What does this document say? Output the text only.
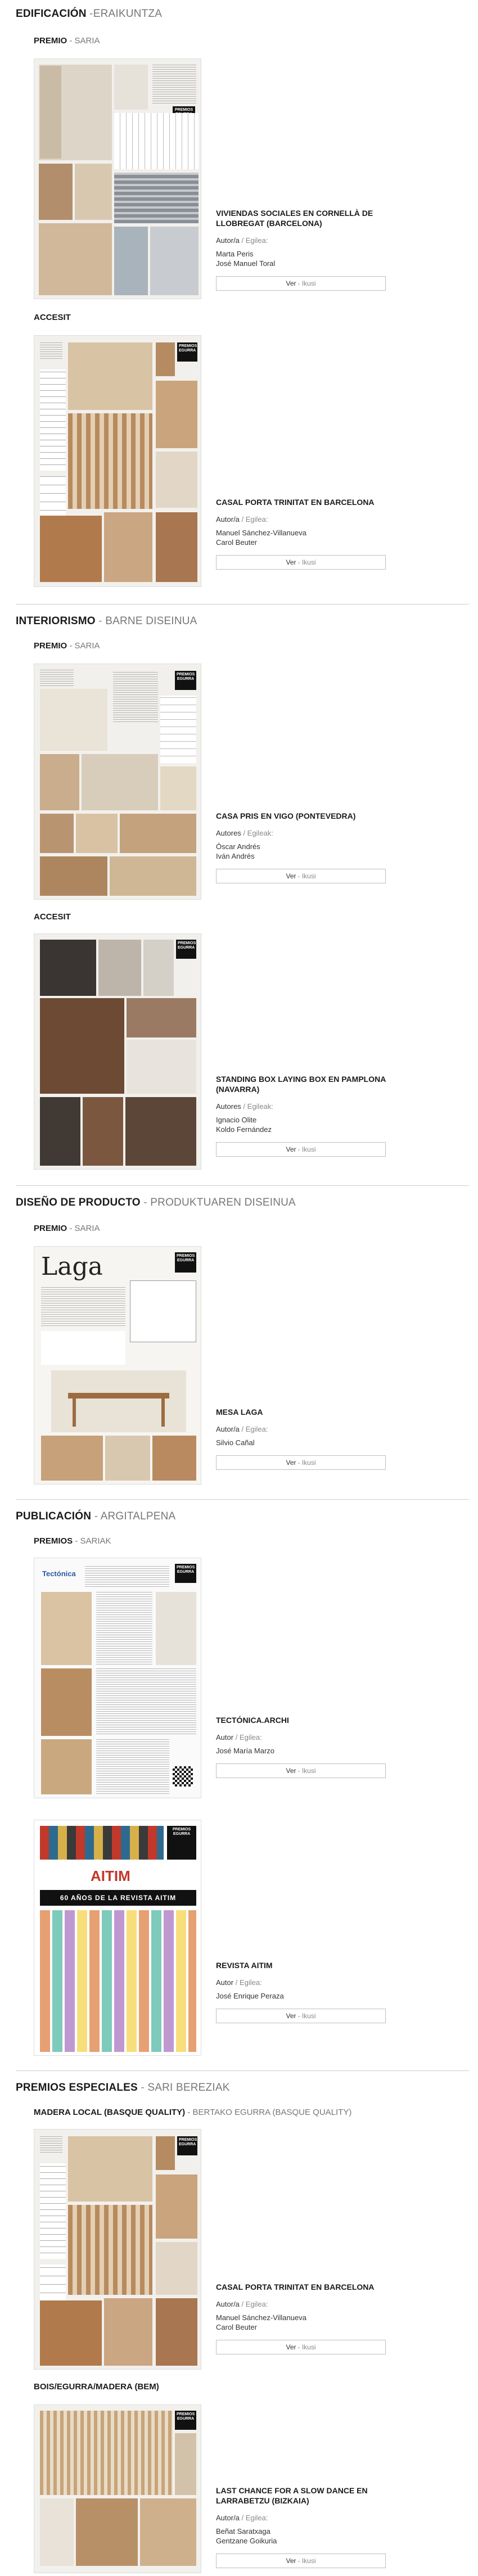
EDIFICACIÓN -ERAIKUNTZA
PREMIO - SARIA
PREMIOS
VIVIENDAS SOCIALES EN CORNELLÀ DE LLOBREGAT (BARCELONA)
Autor/a / Egilea:
Marta Peris
José Manuel Toral
Ver - Ikusi
ACCESIT
PREMIOS EGURRA
CASAL PORTA TRINITAT EN BARCELONA
Autor/a / Egilea:
Manuel Sánchez-Villanueva
Carol Beuter
Ver - Ikusi
INTERIORISMO - BARNE DISEINUA
PREMIO - SARIA
PREMIOS EGURRA
CASA PRIS EN VIGO (PONTEVEDRA)
Autores / Egileak:
Óscar Andrés
Iván Andrés
Ver - Ikusi
ACCESIT
PREMIOS EGURRA
STANDING BOX LAYING BOX EN PAMPLONA (NAVARRA)
Autores / Egileak:
Ignacio Olite
Koldo Fernández
Ver - Ikusi
DISEÑO DE PRODUCTO - PRODUKTUAREN DISEINUA
PREMIO - SARIA
Laga	PREMIOS EGURRA
MESA LAGA
Autor/a / Egilea:
Silvio Cañal
Ver - Ikusi
PUBLICACIÓN - ARGITALPENA
PREMIOS - SARIAK
Tectónica
PREMIOS EGURRA
TECTÓNICA.ARCHI
Autor / Egilea:
José María Marzo
Ver - Ikusi
PREMIOS EGURRA
AITIM
60 AÑOS DE LA REVISTA AITIM
REVISTA AITIM
Autor / Egilea:
José Enrique Peraza
Ver - Ikusi
PREMIOS ESPECIALES - SARI BEREZIAK
MADERA LOCAL (BASQUE QUALITY) - BERTAKO EGURRA (BASQUE QUALITY)
PREMIOS EGURRA
CASAL PORTA TRINITAT EN BARCELONA
Autor/a / Egilea:
Manuel Sánchez-Villanueva
Carol Beuter
Ver - Ikusi
BOIS/EGURRA/MADERA (BEM)
PREMIOS EGURRA
LAST CHANCE FOR A SLOW DANCE EN LARRABETZU (BIZKAIA)
Autor/a / Egilea:
Beñat Saratxaga
Gentzane Goikuria
Ver - Ikusi
